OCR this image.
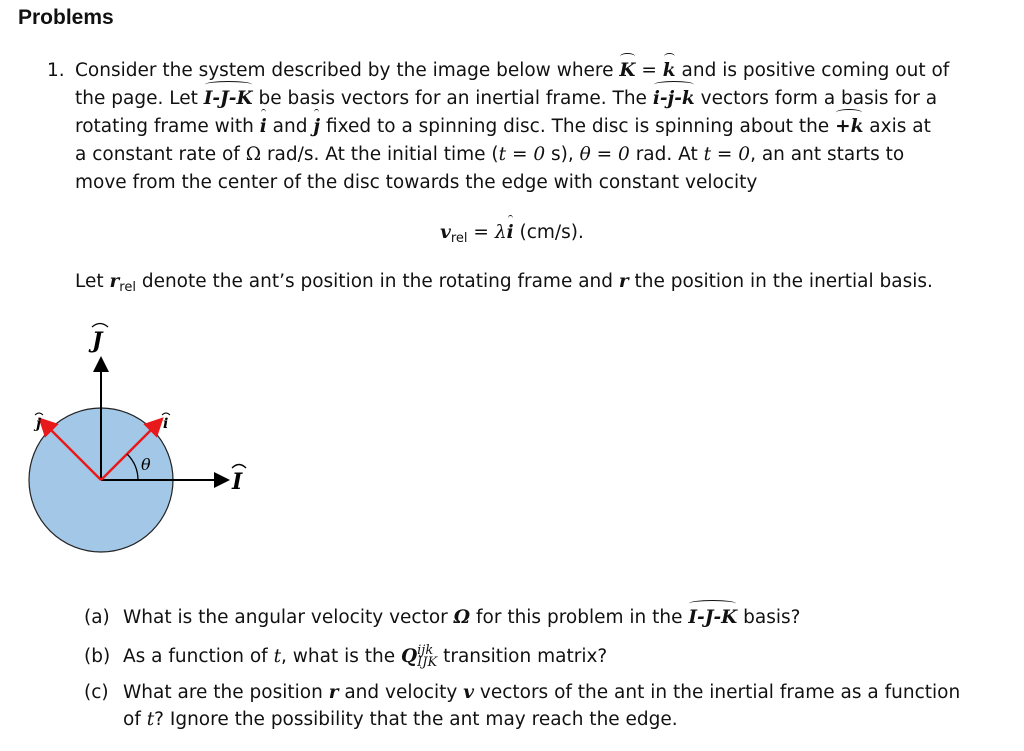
Problems
1. Consider the system described by the image below where K = k and is positive coming out of
the page. Let I-J-K be basis vectors for an inertial frame. The i-j-k vectors form a basis for a
rotating frame with i and j fixed to a spinning disc. The disc is spinning about the +k axis at
a constant rate of Ω rad/s. At the initial time (t = 0 s), θ = 0 rad. At t = 0, an ant starts to
move from the center of the disc towards the edge with constant velocity
$v_{rel} = \lambda i$ (cm/s).
Let $r_{rel}$ denote the ant’s position in the rotating frame and r the position in the inertial basis.
J
I
i
j
θ
(a) What is the angular velocity vector Ω for this problem in the I-J-K basis?
(b) As a function of t, what is the Qijk
IJK transition matrix?
(c) What are the position r and velocity v vectors of the ant in the inertial frame as a function
of t? Ignore the possibility that the ant may reach the edge.
